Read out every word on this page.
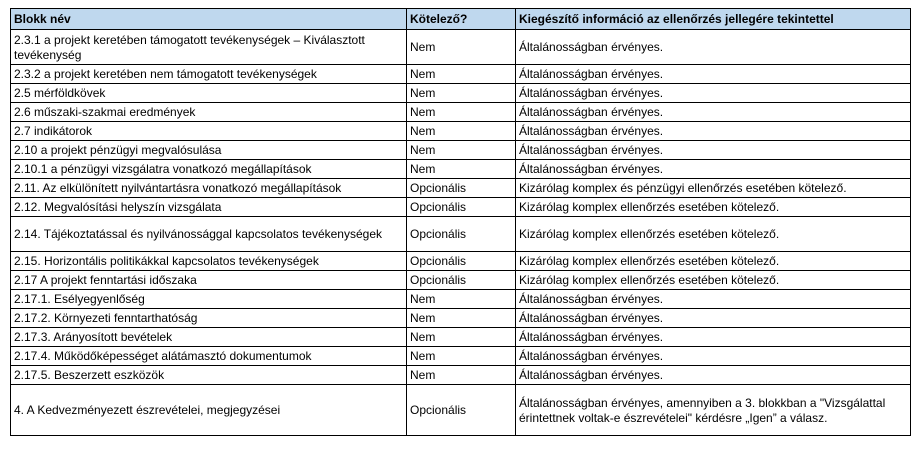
Blokk név	Kötelező?	Kiegészítő információ az ellenőrzés jellegére tekintettel
2.3.1 a projekt keretében támogatott tevékenységek – Kiválasztott tevékenység	Nem	Általánosságban érvényes.
2.3.2 a projekt keretében nem támogatott tevékenységek	Nem	Általánosságban érvényes.
2.5 mérföldkövek	Nem	Általánosságban érvényes.
2.6 műszaki-szakmai eredmények	Nem	Általánosságban érvényes.
2.7 indikátorok	Nem	Általánosságban érvényes.
2.10 a projekt pénzügyi megvalósulása	Nem	Általánosságban érvényes.
2.10.1 a pénzügyi vizsgálatra vonatkozó megállapítások	Nem	Általánosságban érvényes.
2.11. Az elkülönített nyilvántartásra vonatkozó megállapítások	Opcionális	Kizárólag komplex és pénzügyi ellenőrzés esetében kötelező.
2.12. Megvalósítási helyszín vizsgálata	Opcionális	Kizárólag komplex ellenőrzés esetében kötelező.
2.14. Tájékoztatással és nyilvánossággal kapcsolatos tevékenységek	Opcionális	Kizárólag komplex ellenőrzés esetében kötelező.
2.15. Horizontális politikákkal kapcsolatos tevékenységek	Opcionális	Kizárólag komplex ellenőrzés esetében kötelező.
2.17 A projekt fenntartási időszaka	Opcionális	Kizárólag komplex ellenőrzés esetében kötelező.
2.17.1. Esélyegyenlőség	Nem	Általánosságban érvényes.
2.17.2. Környezeti fenntarthatóság	Nem	Általánosságban érvényes.
2.17.3. Arányosított bevételek	Nem	Általánosságban érvényes.
2.17.4. Működőképességet alátámasztó dokumentumok	Nem	Általánosságban érvényes.
2.17.5. Beszerzett eszközök	Nem	Általánosságban érvényes.
4. A Kedvezményezett észrevételei, megjegyzései	Opcionális	Általánosságban érvényes, amennyiben a 3. blokkban a "Vizsgálattal érintettnek voltak-e észrevételei" kérdésre „Igen” a válasz.
